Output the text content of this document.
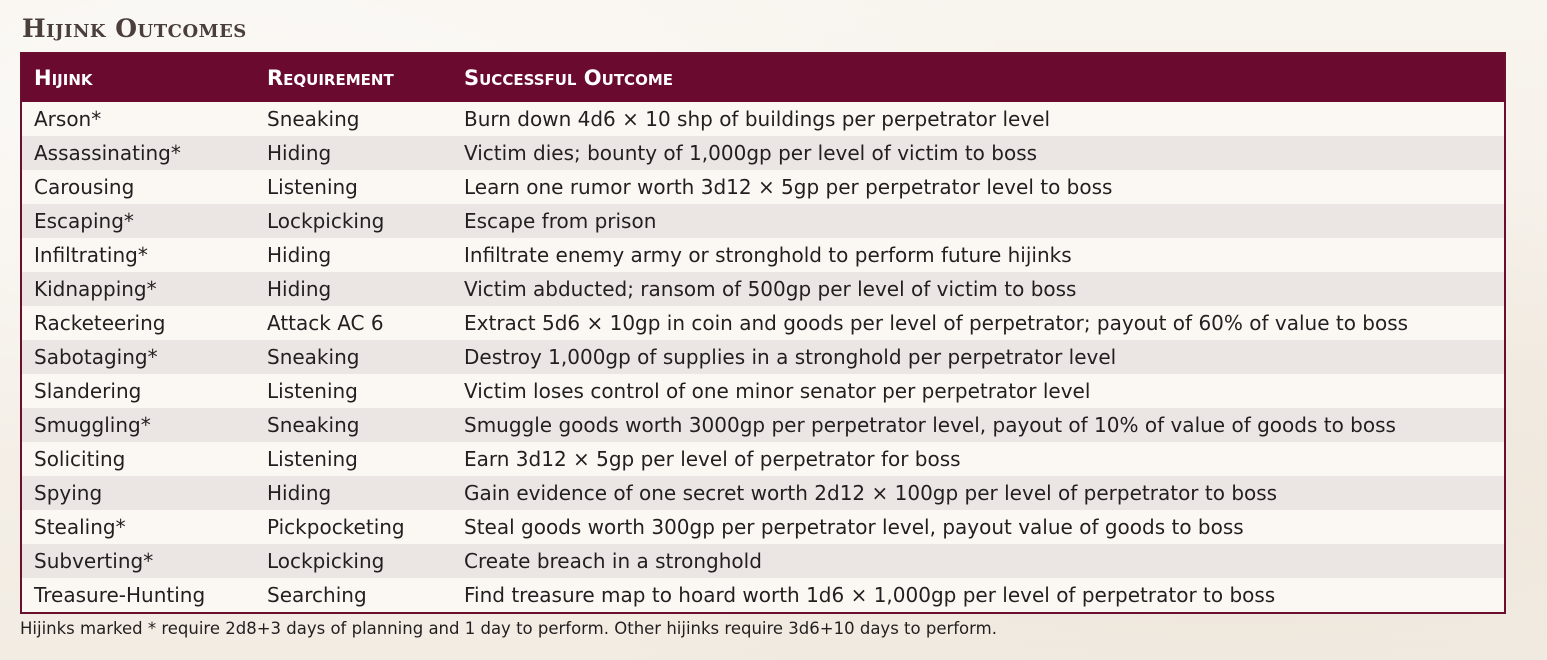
Hijink Outcomes
Hijink	Requirement	Successful Outcome
Arson*	Sneaking	Burn down 4d6 × 10 shp of buildings per perpetrator level
Assassinating*	Hiding	Victim dies; bounty of 1,000gp per level of victim to boss
Carousing	Listening	Learn one rumor worth 3d12 × 5gp per perpetrator level to boss
Escaping*	Lockpicking	Escape from prison
Infiltrating*	Hiding	Infiltrate enemy army or stronghold to perform future hijinks
Kidnapping*	Hiding	Victim abducted; ransom of 500gp per level of victim to boss
Racketeering	Attack AC 6	Extract 5d6 × 10gp in coin and goods per level of perpetrator; payout of 60% of value to boss
Sabotaging*	Sneaking	Destroy 1,000gp of supplies in a stronghold per perpetrator level
Slandering	Listening	Victim loses control of one minor senator per perpetrator level
Smuggling*	Sneaking	Smuggle goods worth 3000gp per perpetrator level, payout of 10% of value of goods to boss
Soliciting	Listening	Earn 3d12 × 5gp per level of perpetrator for boss
Spying	Hiding	Gain evidence of one secret worth 2d12 × 100gp per level of perpetrator to boss
Stealing*	Pickpocketing	Steal goods worth 300gp per perpetrator level, payout value of goods to boss
Subverting*	Lockpicking	Create breach in a stronghold
Treasure-Hunting	Searching	Find treasure map to hoard worth 1d6 × 1,000gp per level of perpetrator to boss
Hijinks marked * require 2d8+3 days of planning and 1 day to perform. Other hijinks require 3d6+10 days to perform.
